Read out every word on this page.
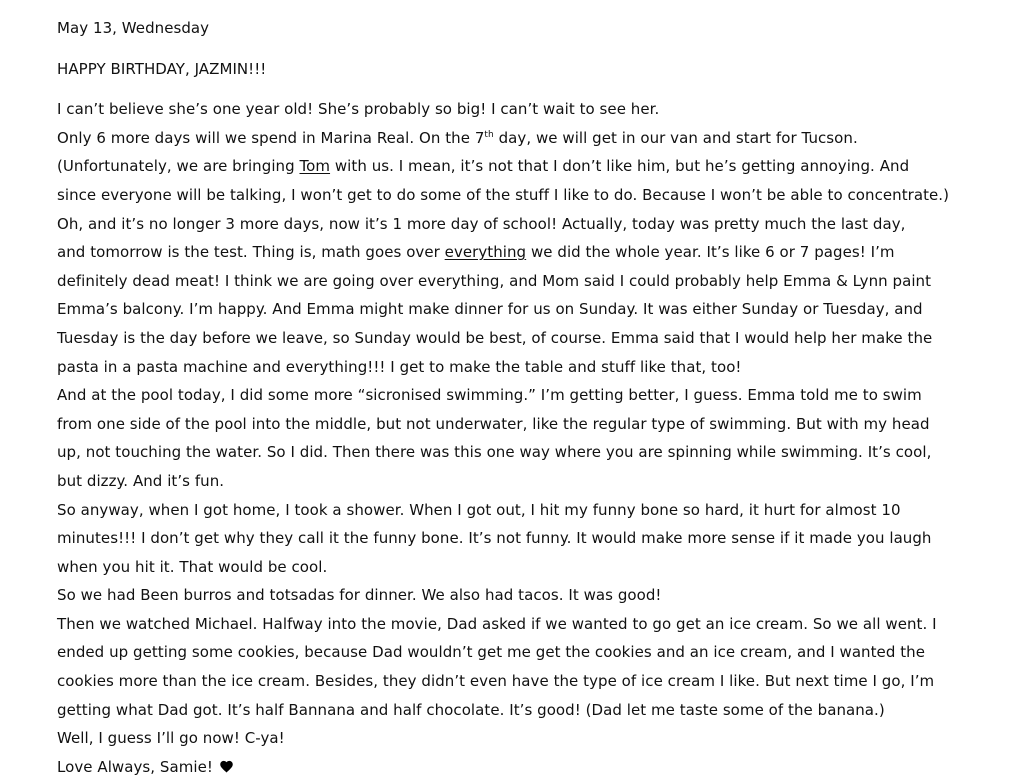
May 13, Wednesday
HAPPY BIRTHDAY, JAZMIN!!!
I can’t believe she’s one year old! She’s probably so big! I can’t wait to see her.
Only 6 more days will we spend in Marina Real. On the 7th day, we will get in our van and start for Tucson.
(Unfortunately, we are bringing Tom with us. I mean, it’s not that I don’t like him, but he’s getting annoying. And
since everyone will be talking, I won’t get to do some of the stuff I like to do. Because I won’t be able to concentrate.)
Oh, and it’s no longer 3 more days, now it’s 1 more day of school! Actually, today was pretty much the last day,
and tomorrow is the test. Thing is, math goes over everything we did the whole year. It’s like 6 or 7 pages! I’m
definitely dead meat! I think we are going over everything, and Mom said I could probably help Emma & Lynn paint
Emma’s balcony. I’m happy. And Emma might make dinner for us on Sunday. It was either Sunday or Tuesday, and
Tuesday is the day before we leave, so Sunday would be best, of course. Emma said that I would help her make the
pasta in a pasta machine and everything!!! I get to make the table and stuff like that, too!
And at the pool today, I did some more “sicronised swimming.” I’m getting better, I guess. Emma told me to swim
from one side of the pool into the middle, but not underwater, like the regular type of swimming. But with my head
up, not touching the water. So I did. Then there was this one way where you are spinning while swimming. It’s cool,
but dizzy. And it’s fun.
So anyway, when I got home, I took a shower. When I got out, I hit my funny bone so hard, it hurt for almost 10
minutes!!! I don’t get why they call it the funny bone. It’s not funny. It would make more sense if it made you laugh
when you hit it. That would be cool.
So we had Been burros and totsadas for dinner. We also had tacos. It was good!
Then we watched Michael. Halfway into the movie, Dad asked if we wanted to go get an ice cream. So we all went. I
ended up getting some cookies, because Dad wouldn’t get me get the cookies and an ice cream, and I wanted the
cookies more than the ice cream. Besides, they didn’t even have the type of ice cream I like. But next time I go, I’m
getting what Dad got. It’s half Bannana and half chocolate. It’s good! (Dad let me taste some of the banana.)
Well, I guess I’ll go now! C-ya!
Love Always, Samie!
